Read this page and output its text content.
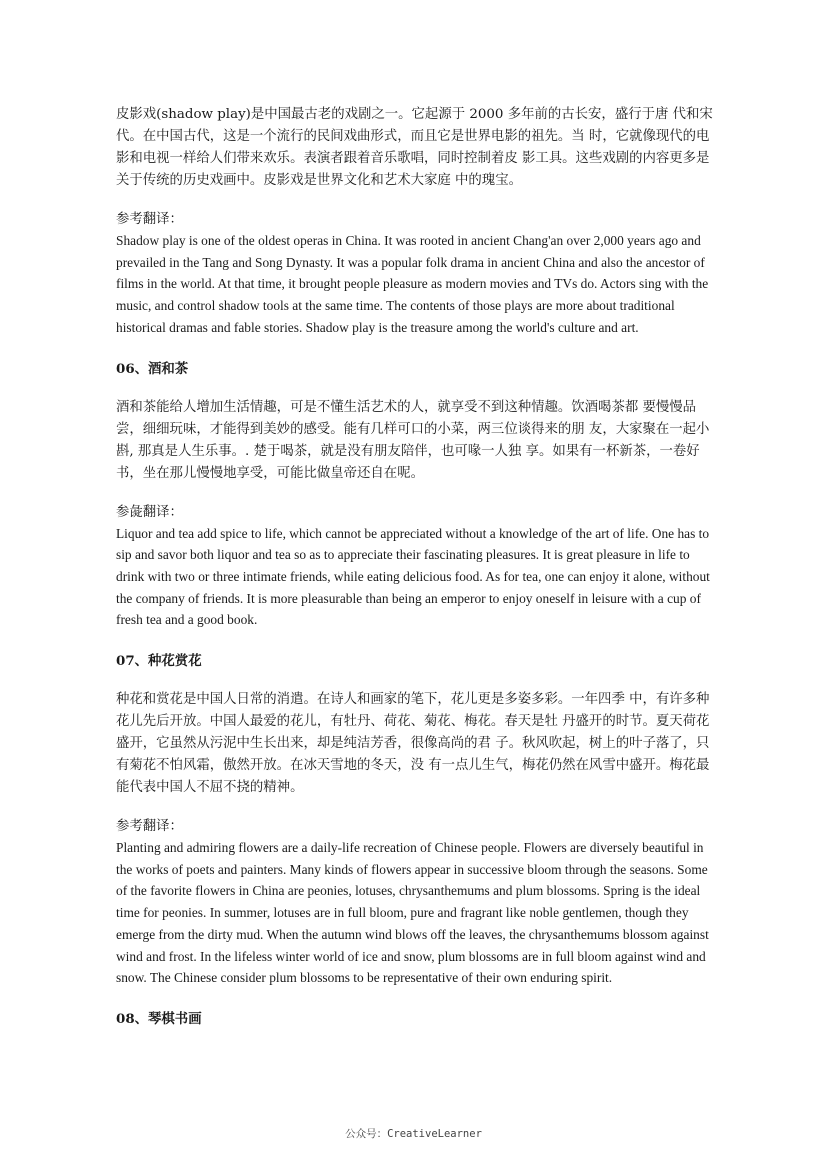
皮影戏(shadow play)是中国最古老的戏剧之一。它起源于 2000 多年前的古长安，盛行于唐 代和宋代。在中国古代，这是一个流行的民间戏曲形式，而且它是世界电影的祖先。当 时，它就像现代的电影和电视一样给人们带来欢乐。表演者跟着音乐歌唱，同时控制着皮 影工具。这些戏剧的内容更多是关于传统的历史戏画中。皮影戏是世界文化和艺术大家庭 中的瑰宝。

参考翻译：

Shadow play is one of the oldest operas in China. It was rooted in ancient Chang'an over 2,000 years ago and prevailed in the Tang and Song Dynasty. It was a popular folk drama in ancient China and also the ancestor of films in the world. At that time, it brought people pleasure as modern movies and TVs do. Actors sing with the music, and control shadow tools at the same time. The contents of those plays are more about traditional historical dramas and fable stories. Shadow play is the treasure among the world's culture and art.

06、酒和茶

酒和茶能给人增加生活情趣，可是不懂生活艺术的人，就享受不到这种情趣。饮酒喝茶都 要慢慢品尝，细细玩味，才能得到美妙的感受。能有几样可口的小菜，两三位谈得来的朋 友，大家聚在一起小斟, 那真是人生乐事。. 楚于喝茶，就是没有朋友陪伴，也可喙一人独 享。如果有一杯新茶，一卷好书，坐在那儿慢慢地享受，可能比做皇帝还自在呢。

参彘翻译：

Liquor and tea add spice to life, which cannot be appreciated without a knowledge of the art of life. One has to sip and savor both liquor and tea so as to appreciate their fascinating pleasures. It is great pleasure in life to drink with two or three intimate friends, while eating delicious food. As for tea, one can enjoy it alone, without the company of friends. It is more pleasurable than being an emperor to enjoy oneself in leisure with a cup of fresh tea and a good book.

07、种花赏花

种花和赏花是中国人日常的消遣。在诗人和画家的笔下，花儿更是多姿多彩。一年四季 中，有许多种花儿先后开放。中国人最爱的花儿，有牡丹、荷花、菊花、梅花。春天是牡 丹盛开的时节。夏天荷花盛开，它虽然从污泥中生长出来，却是纯洁芳香，很像高尚的君 子。秋风吹起，树上的叶子落了，只有菊花不怕风霜，傲然开放。在冰天雪地的冬天，没 有一点儿生气，梅花仍然在风雪中盛开。梅花最能代表中国人不屈不挠的精神。

参考翻译：

Planting and admiring flowers are a daily-life recreation of Chinese people. Flowers are diversely beautiful in the works of poets and painters. Many kinds of flowers appear in successive bloom through the seasons. Some of the favorite flowers in China are peonies, lotuses, chrysanthemums and plum blossoms. Spring is the ideal time for peonies. In summer, lotuses are in full bloom, pure and fragrant like noble gentlemen, though they emerge from the dirty mud. When the autumn wind blows off the leaves, the chrysanthemums blossom against wind and frost. In the lifeless winter world of ice and snow, plum blossoms are in full bloom against wind and snow. The Chinese consider plum blossoms to be representative of their own enduring spirit.

08、琴棋书画

公众号：CreativeLearner
